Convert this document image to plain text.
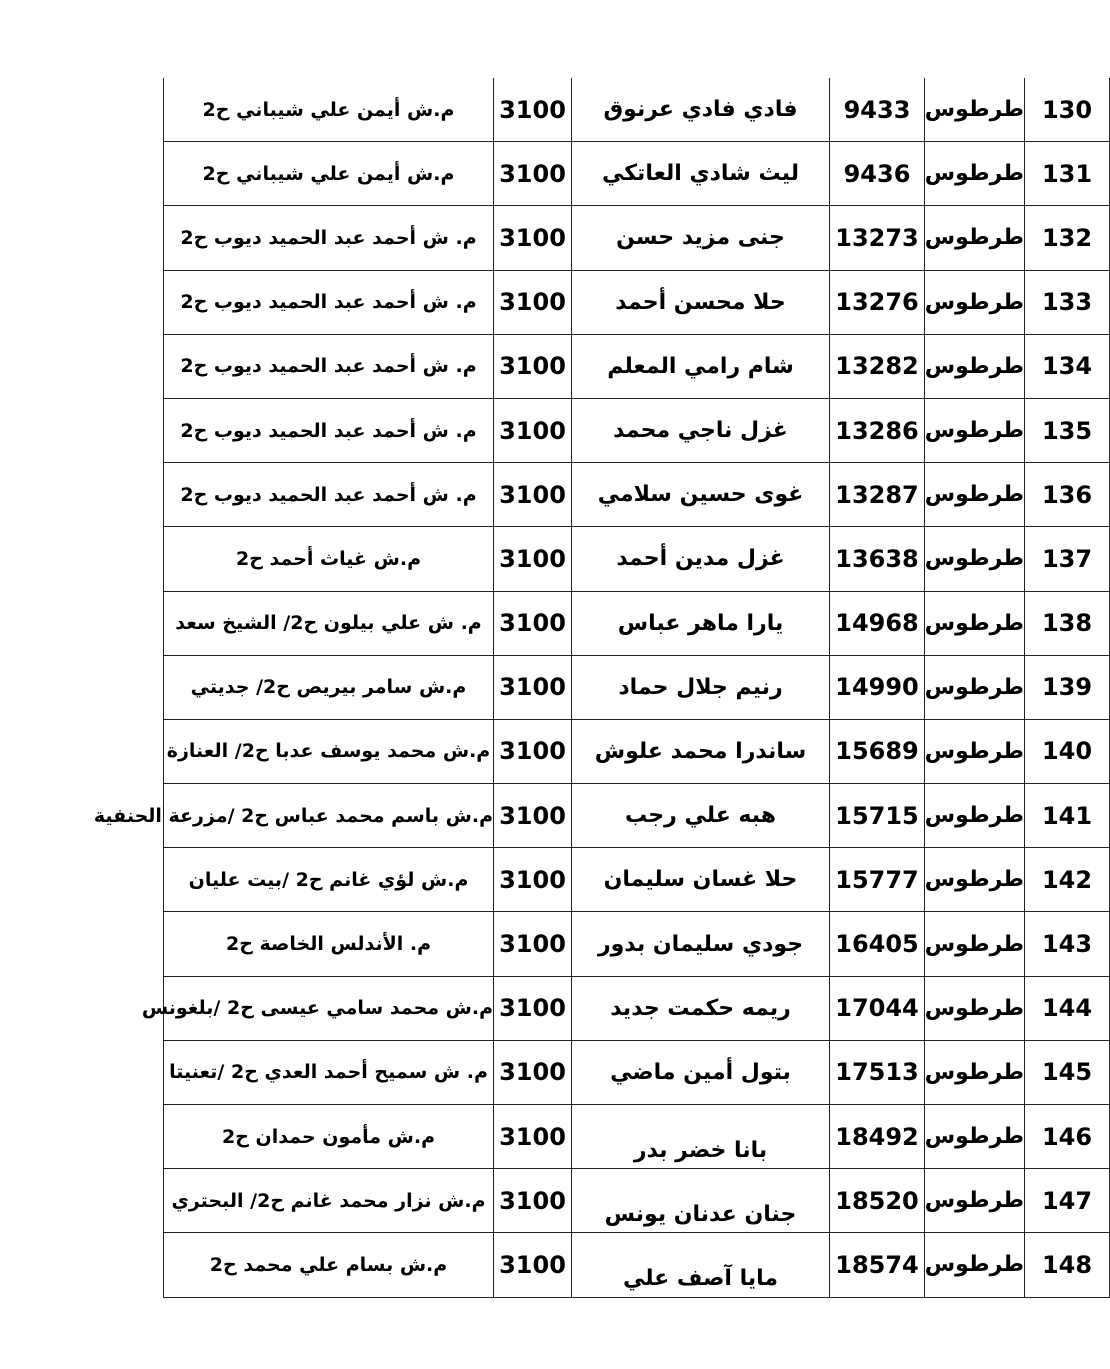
م.ش أيمن علي شيباني ح2	3100	فادي فادي عرنوق	9433	طرطوس	130
م.ش أيمن علي شيباني ح2	3100	ليث شادي العاتكي	9436	طرطوس	131
م. ش أحمد عبد الحميد ديوب ح2	3100	جنى مزيد حسن	13273	طرطوس	132
م. ش أحمد عبد الحميد ديوب ح2	3100	حلا محسن أحمد	13276	طرطوس	133
م. ش أحمد عبد الحميد ديوب ح2	3100	شام رامي المعلم	13282	طرطوس	134
م. ش أحمد عبد الحميد ديوب ح2	3100	غزل ناجي محمد	13286	طرطوس	135
م. ش أحمد عبد الحميد ديوب ح2	3100	غوى حسين سلامي	13287	طرطوس	136
م.ش غياث أحمد ح2	3100	غزل مدين أحمد	13638	طرطوس	137
م. ش علي بيلون ح2/ الشيخ سعد	3100	يارا ماهر عباس	14968	طرطوس	138
م.ش سامر بيريص ح2/ جديتي	3100	رنيم جلال حماد	14990	طرطوس	139
م.ش محمد يوسف عدبا ح2/ العنازة	3100	ساندرا محمد علوش	15689	طرطوس	140
م.ش باسم محمد عباس ح2 /مزرعة الحنفية	3100	هبه علي رجب	15715	طرطوس	141
م.ش لؤي غانم ح2 /بيت عليان	3100	حلا غسان سليمان	15777	طرطوس	142
م. الأندلس الخاصة ح2	3100	جودي سليمان بدور	16405	طرطوس	143
م.ش محمد سامي عيسى ح2 /بلغونس	3100	ريمه حكمت جديد	17044	طرطوس	144
م. ش سميح أحمد العدي ح2 /تعنيتا	3100	بتول أمين ماضي	17513	طرطوس	145
م.ش مأمون حمدان ح2	3100	بانا خضر بدر	18492	طرطوس	146
م.ش نزار محمد غانم ح2/ البحتري	3100	جنان عدنان يونس	18520	طرطوس	147
م.ش بسام علي محمد ح2	3100	مايا آصف علي	18574	طرطوس	148
